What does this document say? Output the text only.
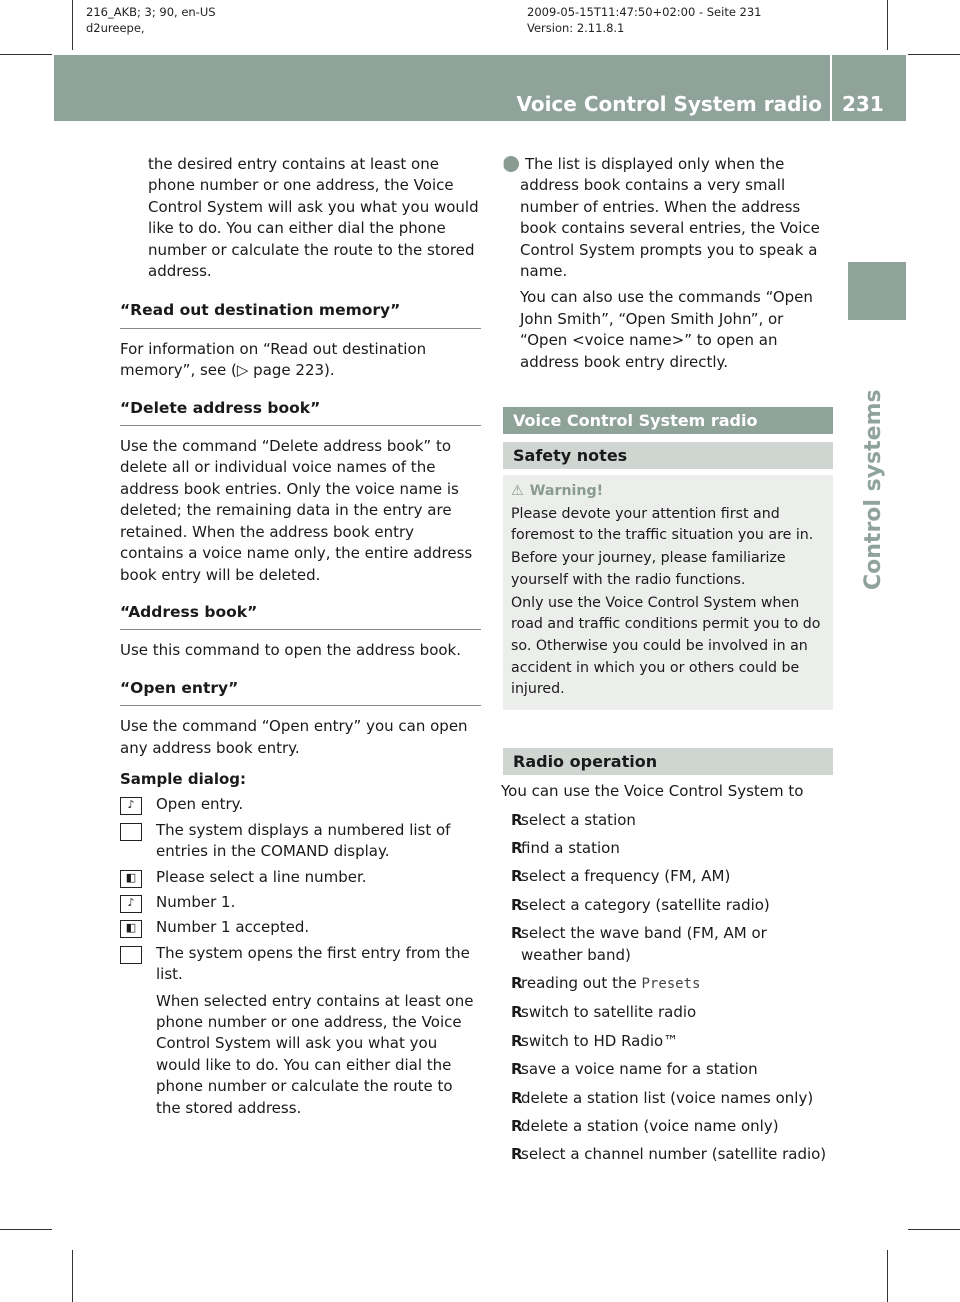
216_AKB; 3; 90, en-US
d2ureepe,
2009-05-15T11:47:50+02:00 - Seite 231
Version: 2.11.8.1
Voice Control System radio 231
Control systems

the desired entry contains at least one phone number or one address, the Voice Control System will ask you what you would like to do. You can either dial the phone number or calculate the route to the stored address.

“Read out destination memory”

For information on “Read out destination memory”, see (▷ page 223).

“Delete address book”

Use the command “Delete address book” to delete all or individual voice names of the address book entries. Only the voice name is deleted; the remaining data in the entry are retained. When the address book entry contains a voice name only, the entire address book entry will be deleted.

“Address book”

Use this command to open the address book.

“Open entry”

Use the command “Open entry” you can open any address book entry.

Sample dialog:

♪	Open entry.
The system displays a numbered list of entries in the COMAND display.
◧	Please select a line number.
♪	Number 1.
◧	Number 1 accepted.

The system opens the first entry from the list.

When selected entry contains at least one phone number or one address, the Voice Control System will ask you what you would like to do. You can either dial the phone number or calculate the route to the stored address.

i The list is displayed only when the address book contains a very small number of entries. When the address book contains several entries, the Voice Control System prompts you to speak a name.

You can also use the commands “Open John Smith”, “Open Smith John”, or “Open <voice name>” to open an address book entry directly.

Voice Control System radio
Safety notes

⚠ Warning!

Please devote your attention first and foremost to the traffic situation you are in.

Before your journey, please familiarize yourself with the radio functions.

Only use the Voice Control System when road and traffic conditions permit you to do so. Otherwise you could be involved in an accident in which you or others could be injured.

Radio operation

You can use the Voice Control System to

Rselect a station

Rfind a station

Rselect a frequency (FM, AM)

Rselect a category (satellite radio)

Rselect the wave band (FM, AM or weather band)

Rreading out the Presets

Rswitch to satellite radio

Rswitch to HD Radio™

Rsave a voice name for a station

Rdelete a station list (voice names only)

Rdelete a station (voice name only)

Rselect a channel number (satellite radio)
